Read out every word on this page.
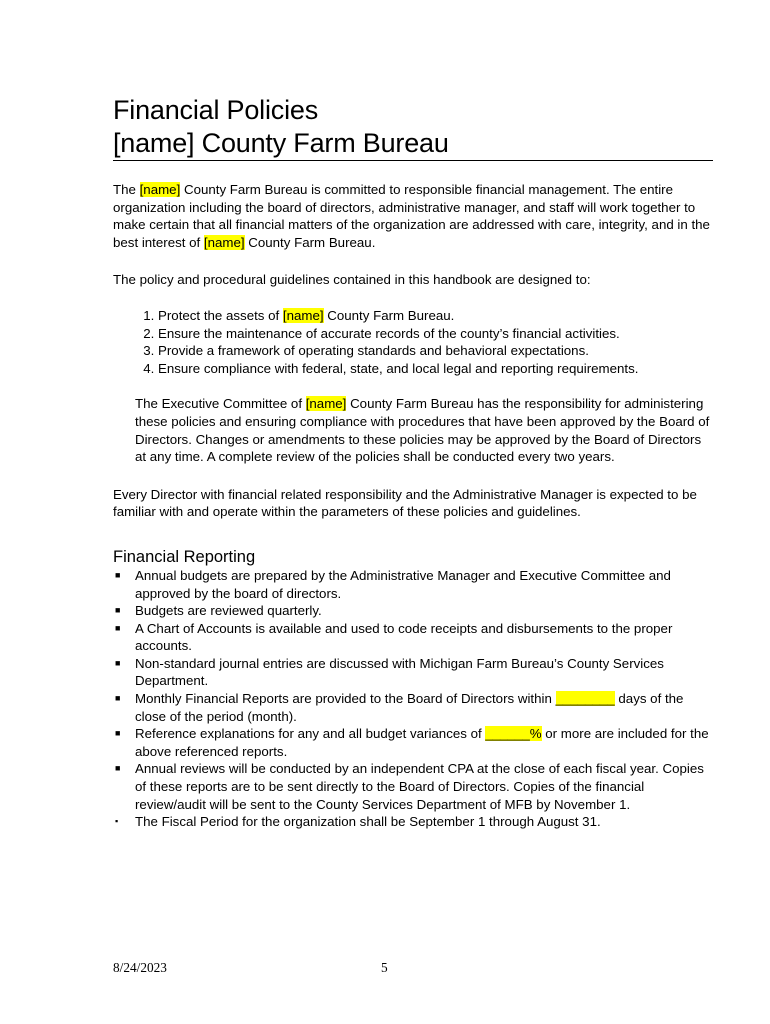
Financial Policies

[name] County Farm Bureau

The [name] County Farm Bureau is committed to responsible financial management. The entire organization including the board of directors, administrative manager, and staff will work together to make certain that all financial matters of the organization are addressed with care, integrity, and in the best interest of [name] County Farm Bureau.

The policy and procedural guidelines contained in this handbook are designed to:

1. Protect the assets of [name] County Farm Bureau.
2. Ensure the maintenance of accurate records of the county’s financial activities.
3. Provide a framework of operating standards and behavioral expectations.
4. Ensure compliance with federal, state, and local legal and reporting requirements.

The Executive Committee of [name] County Farm Bureau has the responsibility for administering these policies and ensuring compliance with procedures that have been approved by the Board of Directors. Changes or amendments to these policies may be approved by the Board of Directors at any time. A complete review of the policies shall be conducted every two years.

Every Director with financial related responsibility and the Administrative Manager is expected to be familiar with and operate within the parameters of these policies and guidelines.

Financial Reporting
■ Annual budgets are prepared by the Administrative Manager and Executive Committee and approved by the board of directors.
■ Budgets are reviewed quarterly.
■ A Chart of Accounts is available and used to code receipts and disbursements to the proper accounts.
■ Non-standard journal entries are discussed with Michigan Farm Bureau’s County Services Department.
■ Monthly Financial Reports are provided to the Board of Directors within ________ days of the close of the period (month).
■ Reference explanations for any and all budget variances of ______% or more are included for the above referenced reports.
■ Annual reviews will be conducted by an independent CPA at the close of each fiscal year. Copies of these reports are to be sent directly to the Board of Directors. Copies of the financial review/audit will be sent to the County Services Department of MFB by November 1.
▪ The Fiscal Period for the organization shall be September 1 through August 31.
8/24/2023	5
